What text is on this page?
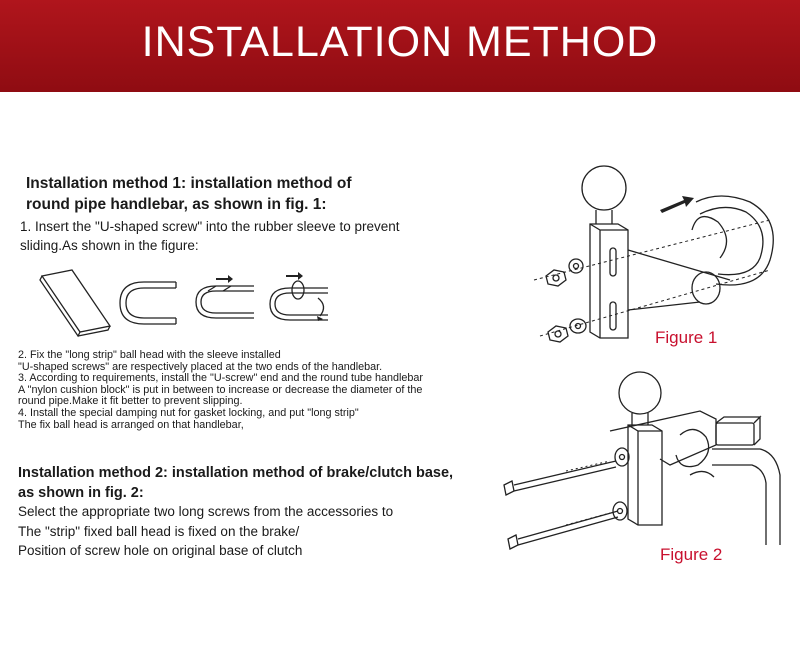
INSTALLATION METHOD
Installation method 1: installation method of
round pipe handlebar, as shown in fig. 1:
1. Insert the "U-shaped screw" into the rubber sleeve to prevent
sliding.As shown in the figure:
2. Fix the "long strip" ball head with the sleeve installed
"U-shaped screws" are respectively placed at the two ends of the handlebar.
3. According to requirements, install the "U-screw" end and the round tube handlebar
A "nylon cushion block" is put in between to increase or decrease the diameter of the
round pipe.Make it fit better to prevent slipping.
4. Install the special damping nut for gasket locking, and put "long strip"
The fix ball head is arranged on that handlebar,
Installation method 2: installation method of brake/clutch base,
as shown in fig. 2:
Select the appropriate two long screws from the accessories to
The "strip" fixed ball head is fixed on the brake/
Position of screw hole on original base of clutch
Figure 1
Figure 2
